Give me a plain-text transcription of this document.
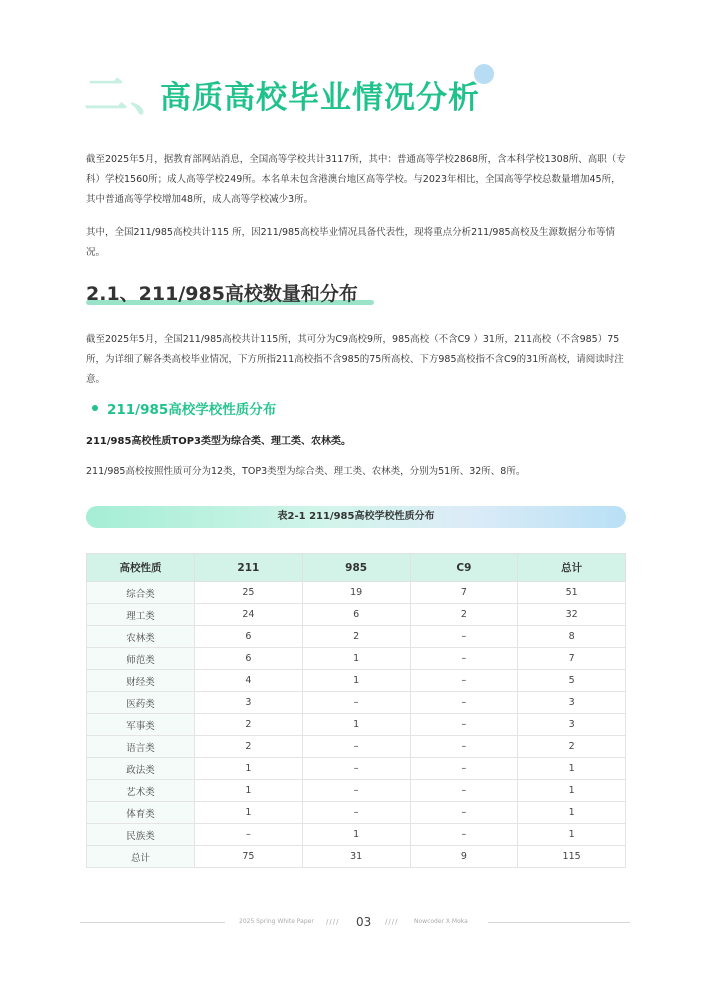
二、
高质高校毕业情况分析

截至2025年5月，据教育部网站消息，全国高等学校共计3117所，其中：普通高等学校2868所，含本科学校1308所、高职（专科）学校1560所；成人高等学校249所。本名单未包含港澳台地区高等学校。与2023年相比，全国高等学校总数量增加45所，其中普通高等学校增加48所，成人高等学校减少3所。

其中，全国211/985高校共计115 所，因211/985高校毕业情况具备代表性，现将重点分析211/985高校及生源数据分布等情况。

2.1、211/985高校数量和分布

截至2025年5月，全国211/985高校共计115所，其可分为C9高校9所，985高校（不含C9 ）31所，211高校（不含985）75所，为详细了解各类高校毕业情况，下方所指211高校指不含985的75所高校、下方985高校指不含C9的31所高校，请阅读时注意。

211/985高校学校性质分布

211/985高校性质TOP3类型为综合类、理工类、农林类。

211/985高校按照性质可分为12类，TOP3类型为综合类、理工类、农林类，分别为51所、32所、8所。

表2-1 211/985高校学校性质分布
高校性质	211	985	C9	总计
综合类	25	19	7	51
理工类	24	6	2	32
农林类	6	2	–	8
师范类	6	1	–	7
财经类	4	1	–	5
医药类	3	–	–	3
军事类	2	1	–	3
语言类	2	–	–	2
政法类	1	–	–	1
艺术类	1	–	–	1
体育类	1	–	–	1
民族类	–	1	–	1
总计	75	31	9	115
2025 Spring White Paper //// 03 ////	Nowcoder X Moka
